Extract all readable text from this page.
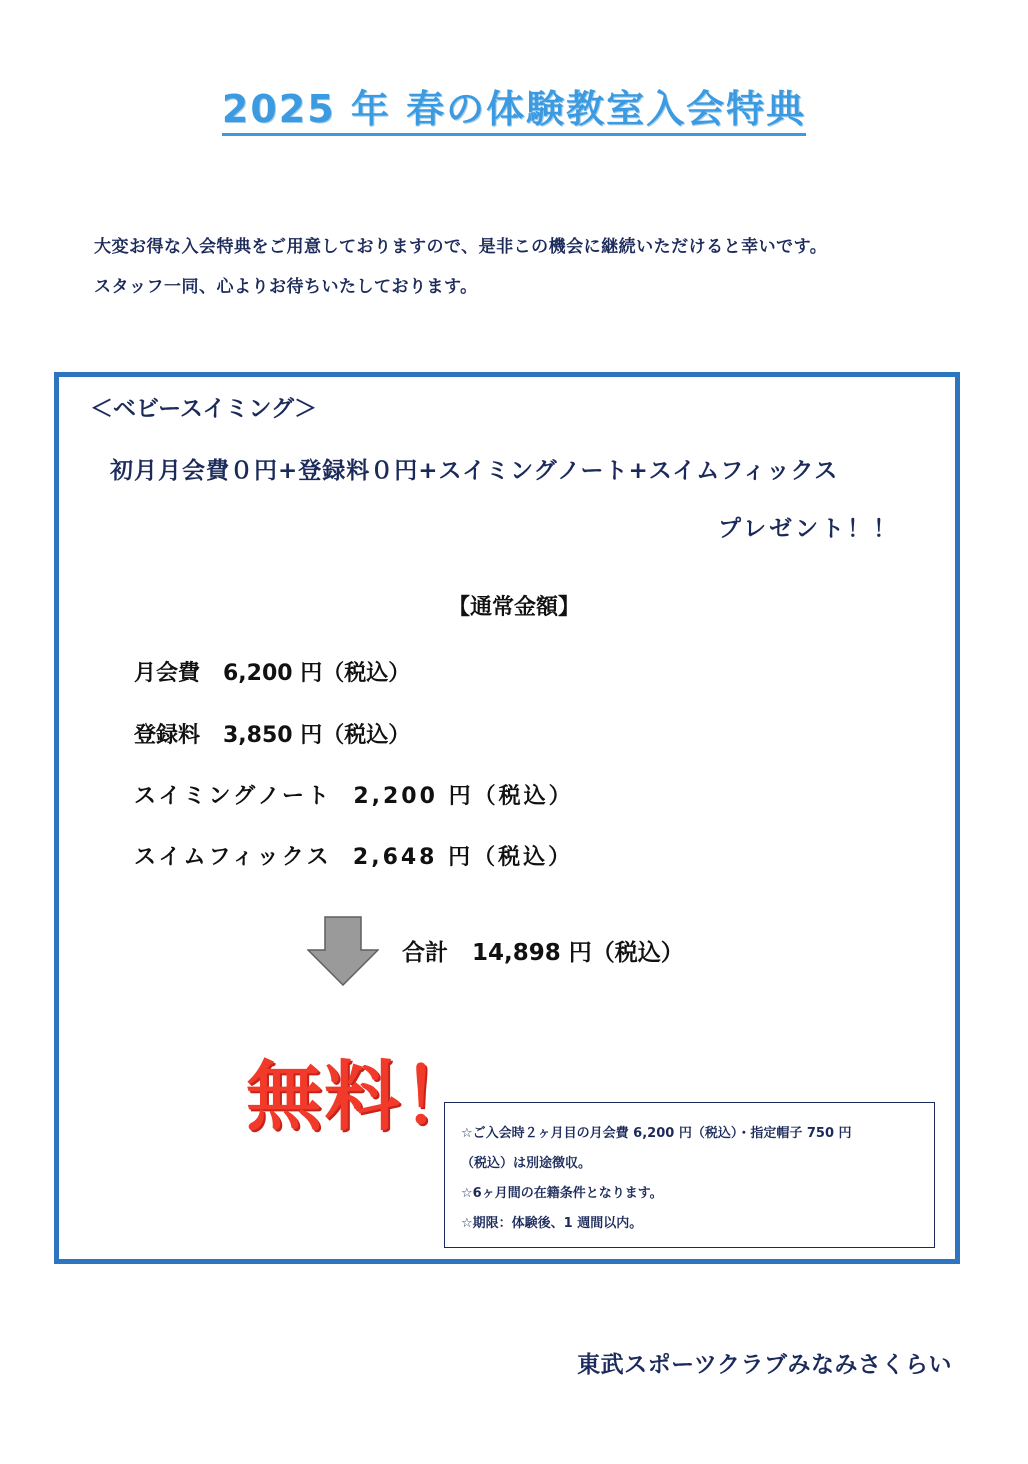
2025 年 春の体験教室入会特典
大変お得な入会特典をご用意しておりますので、是非この機会に継続いただけると幸いです。
スタッフ一同、心よりお待ちいたしております。
＜ベビースイミング＞
初月月会費０円+登録料０円+スイミングノート+スイムフィックス
プレゼント！！
【通常金額】
月会費   6,200 円（税込）
登録料   3,850 円（税込）
スイミングノート  2,200 円（税込）
スイムフィックス  2,648 円（税込）
合計   14,898 円（税込）
無料！
☆ご入会時２ヶ月目の月会費 6,200 円（税込）・指定帽子 750 円
（税込）は別途徴収。
☆6ヶ月間の在籍条件となります。
☆期限：体験後、1 週間以内。
東武スポーツクラブみなみさくらい
